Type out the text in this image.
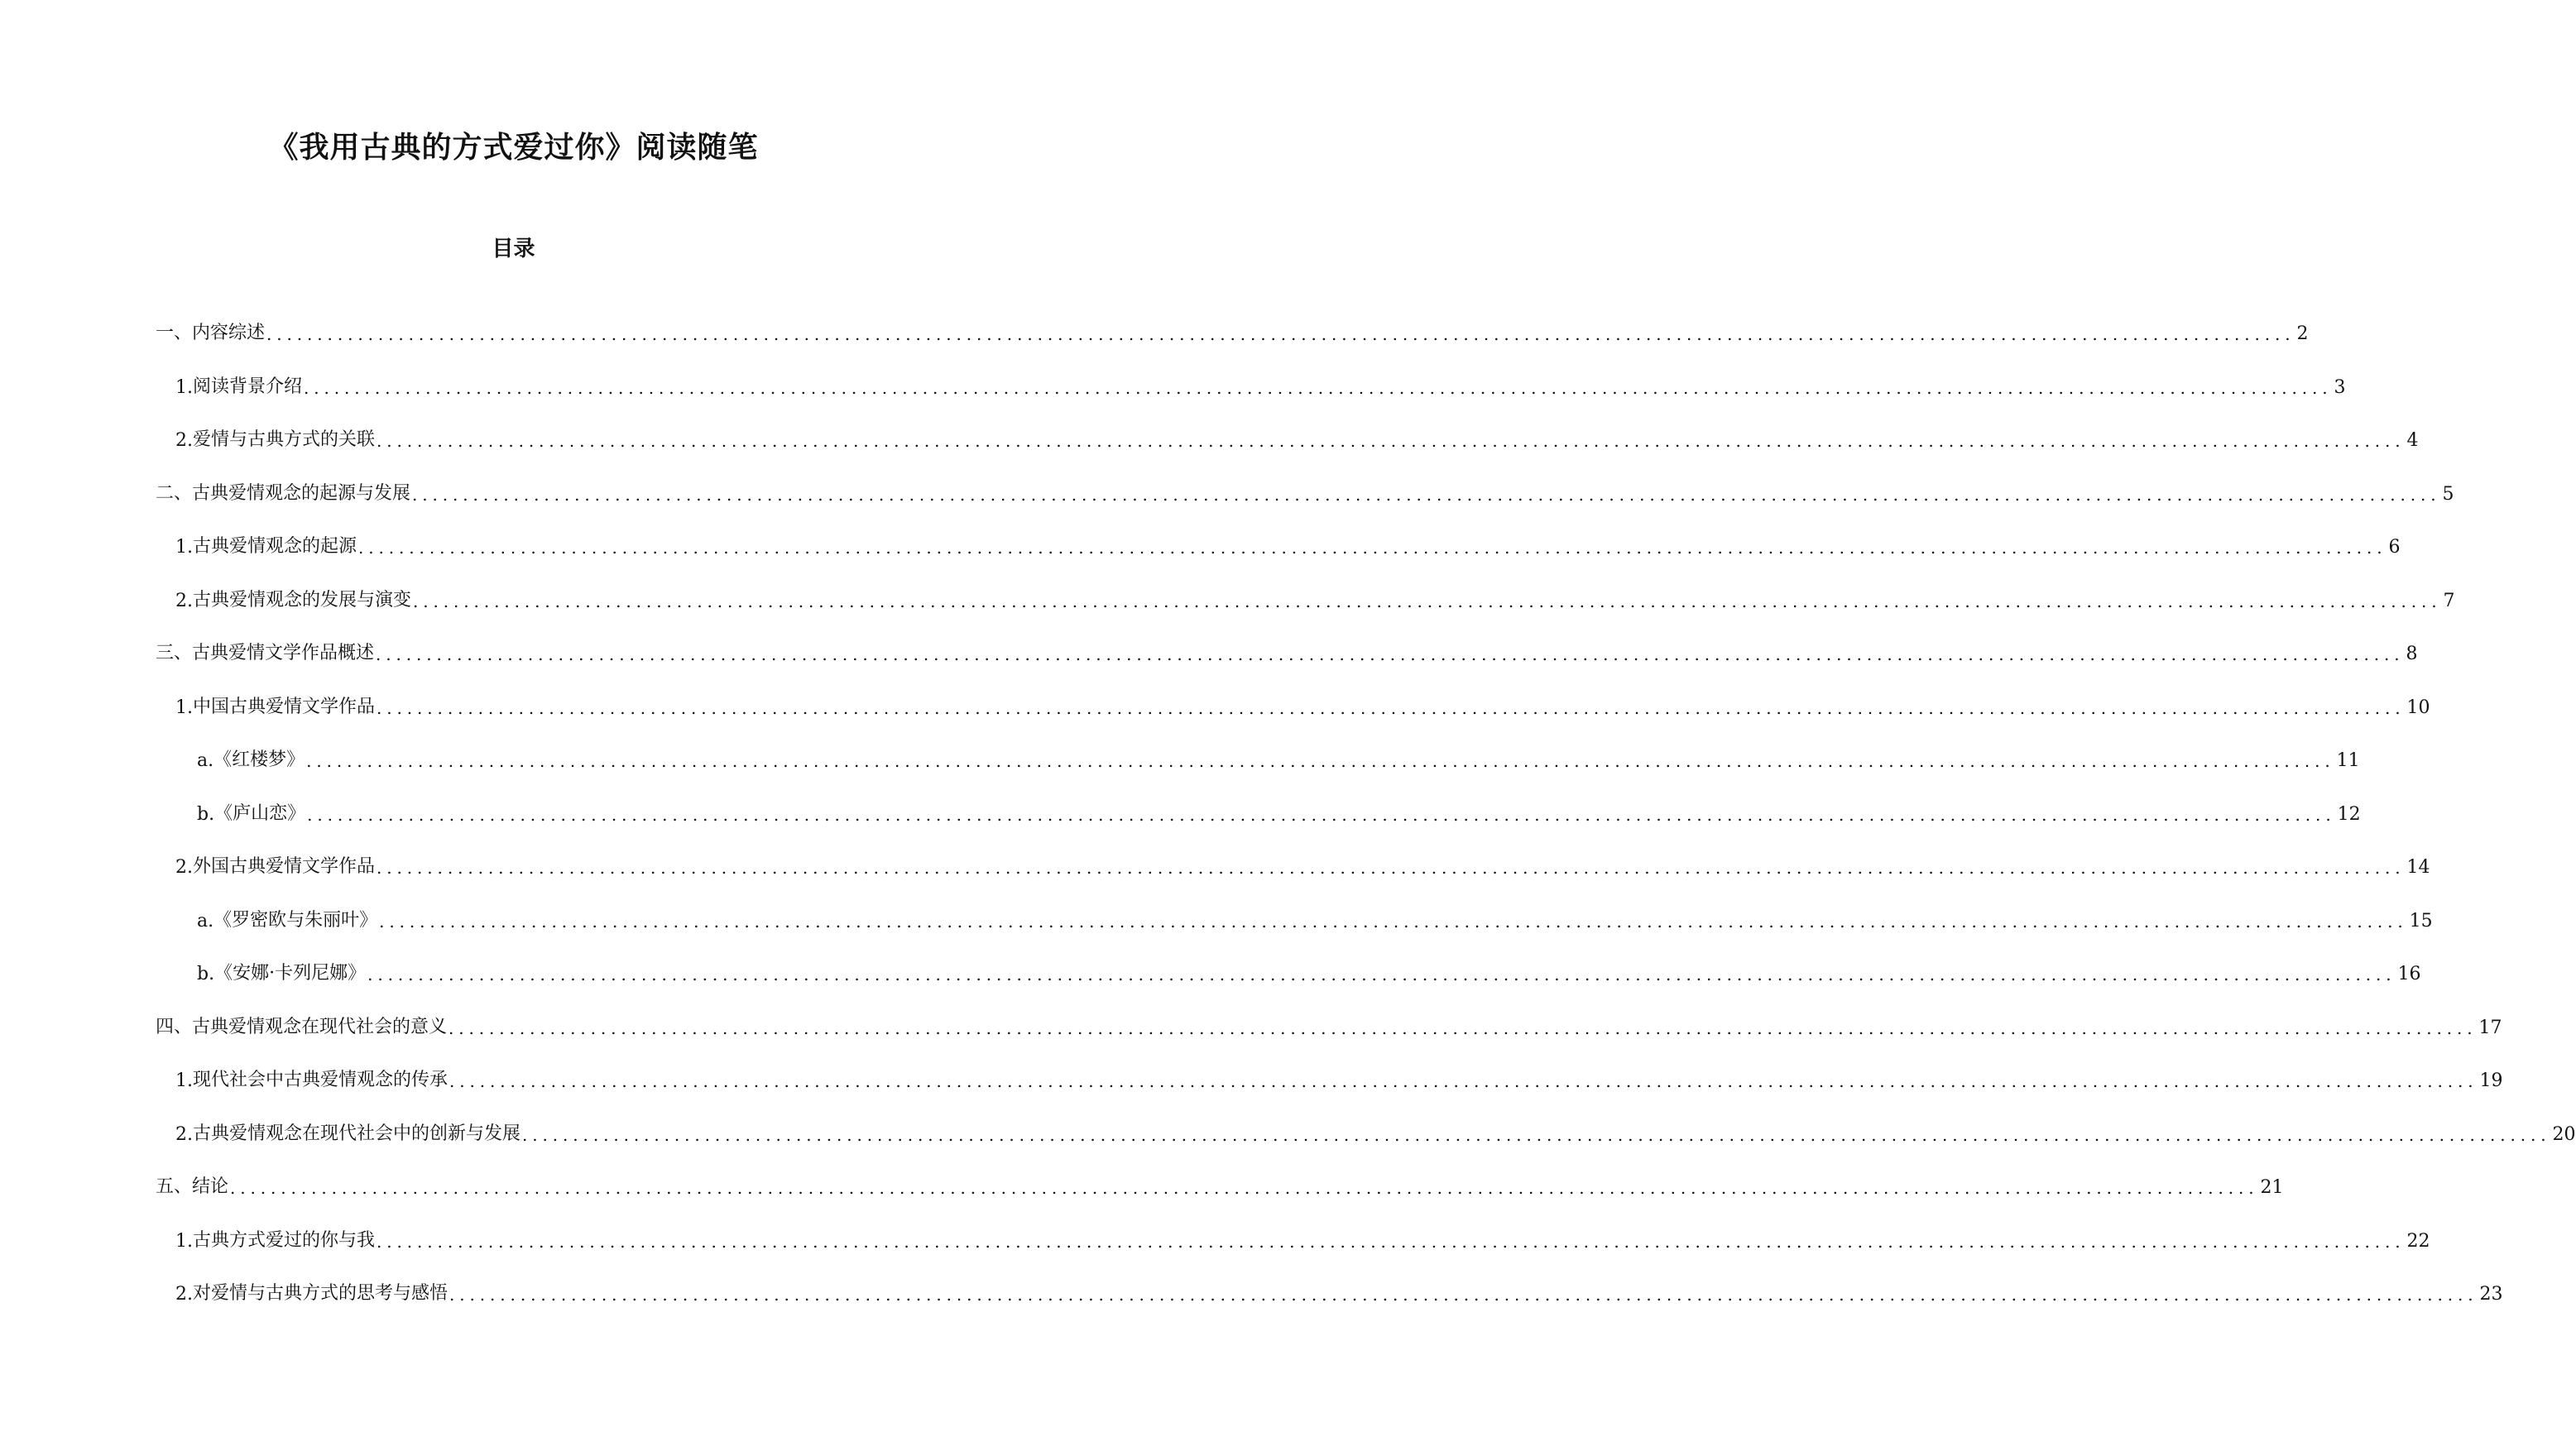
《我用古典的方式爱过你》阅读随笔
目录
一、内容综述 ........................................................................................................................................................................................................ 2
1. 阅读背景介绍 ........................................................................................................................................................................................................ 3
2. 爱情与古典方式的关联 ........................................................................................................................................................................................................ 4
二、古典爱情观念的起源与发展 ........................................................................................................................................................................................................ 5
1. 古典爱情观念的起源 ........................................................................................................................................................................................................ 6
2. 古典爱情观念的发展与演变 ........................................................................................................................................................................................................ 7
三、古典爱情文学作品概述 ........................................................................................................................................................................................................ 8
1. 中国古典爱情文学作品 ........................................................................................................................................................................................................ 10
a. 《红楼梦》 ........................................................................................................................................................................................................ 11
b. 《庐山恋》 ........................................................................................................................................................................................................ 12
2. 外国古典爱情文学作品 ........................................................................................................................................................................................................ 14
a. 《罗密欧与朱丽叶》 ........................................................................................................................................................................................................ 15
b. 《安娜·卡列尼娜》 ........................................................................................................................................................................................................ 16
四、古典爱情观念在现代社会的意义 ........................................................................................................................................................................................................ 17
1. 现代社会中古典爱情观念的传承 ........................................................................................................................................................................................................ 19
2. 古典爱情观念在现代社会中的创新与发展 ........................................................................................................................................................................................................ 20
五、结论 ........................................................................................................................................................................................................ 21
1. 古典方式爱过的你与我 ........................................................................................................................................................................................................ 22
2. 对爱情与古典方式的思考与感悟 ........................................................................................................................................................................................................ 23
